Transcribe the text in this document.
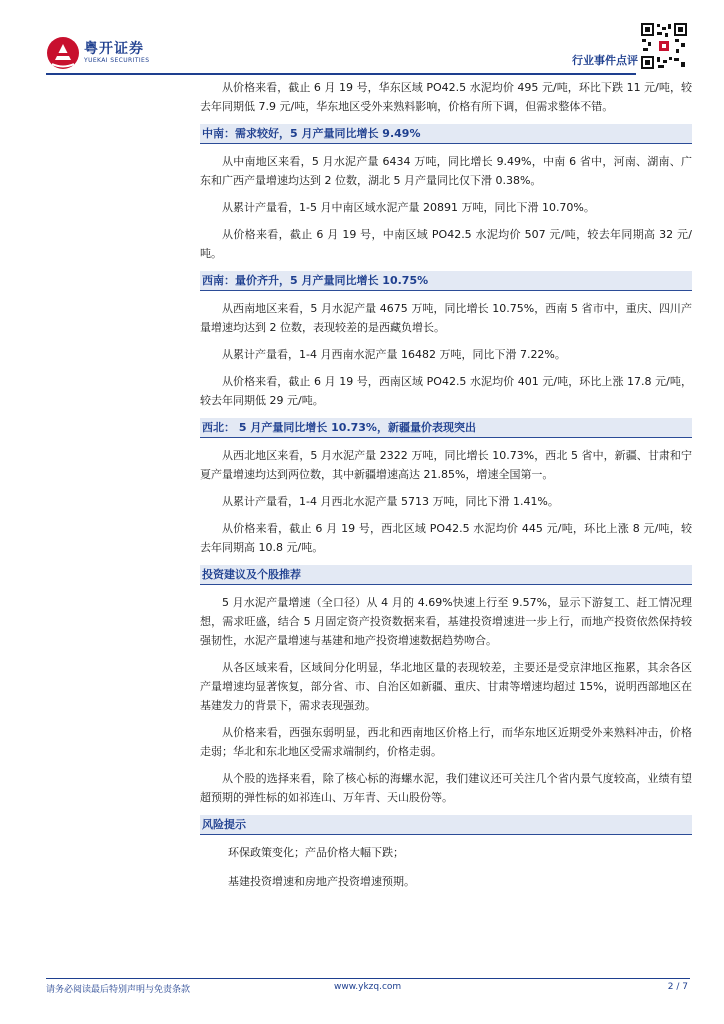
粤开证券
YUEKAI SECURITIES	行业事件点评

从价格来看，截止 6 月 19 号，华东区域 PO42.5 水泥均价 495 元/吨，环比下跌 11 元/吨，较去年同期低 7.9 元/吨，华东地区受外来熟料影响，价格有所下调，但需求整体不错。

中南：需求较好，5 月产量同比增长 9.49%

从中南地区来看，5 月水泥产量 6434 万吨，同比增长 9.49%，中南 6 省中，河南、湖南、广东和广西产量增速均达到 2 位数，湖北 5 月产量同比仅下滑 0.38%。

从累计产量看，1-5 月中南区域水泥产量 20891 万吨，同比下滑 10.70%。

从价格来看，截止 6 月 19 号，中南区域 PO42.5 水泥均价 507 元/吨，较去年同期高 32 元/吨。

西南：量价齐升，5 月产量同比增长 10.75%

从西南地区来看，5 月水泥产量 4675 万吨，同比增长 10.75%，西南 5 省市中，重庆、四川产量增速均达到 2 位数，表现较差的是西藏负增长。

从累计产量看，1-4 月西南水泥产量 16482 万吨，同比下滑 7.22%。

从价格来看，截止 6 月 19 号，西南区域 PO42.5 水泥均价 401 元/吨，环比上涨 17.8 元/吨，较去年同期低 29 元/吨。

西北： 5 月产量同比增长 10.73%，新疆量价表现突出

从西北地区来看，5 月水泥产量 2322 万吨，同比增长 10.73%，西北 5 省中，新疆、甘肃和宁夏产量增速均达到两位数，其中新疆增速高达 21.85%，增速全国第一。

从累计产量看，1-4 月西北水泥产量 5713 万吨，同比下滑 1.41%。

从价格来看，截止 6 月 19 号，西北区域 PO42.5 水泥均价 445 元/吨，环比上涨 8 元/吨，较去年同期高 10.8 元/吨。

投资建议及个股推荐

5 月水泥产量增速（全口径）从 4 月的 4.69%快速上行至 9.57%，显示下游复工、赶工情况理想，需求旺盛，结合 5 月固定资产投资数据来看，基建投资增速进一步上行，而地产投资依然保持较强韧性，水泥产量增速与基建和地产投资增速数据趋势吻合。

从各区域来看，区域间分化明显，华北地区量的表现较差，主要还是受京津地区拖累，其余各区产量增速均显著恢复，部分省、市、自治区如新疆、重庆、甘肃等增速均超过 15%，说明西部地区在基建发力的背景下，需求表现强劲。

从价格来看，西强东弱明显，西北和西南地区价格上行，而华东地区近期受外来熟料冲击，价格走弱；华北和东北地区受需求端制约，价格走弱。

从个股的选择来看，除了核心标的海螺水泥，我们建议还可关注几个省内景气度较高，业绩有望超预期的弹性标的如祁连山、万年青、天山股份等。

风险提示

环保政策变化；产品价格大幅下跌；

基建投资增速和房地产投资增速预期。

请务必阅读最后特别声明与免责条款	www.ykzq.com	2 / 7
